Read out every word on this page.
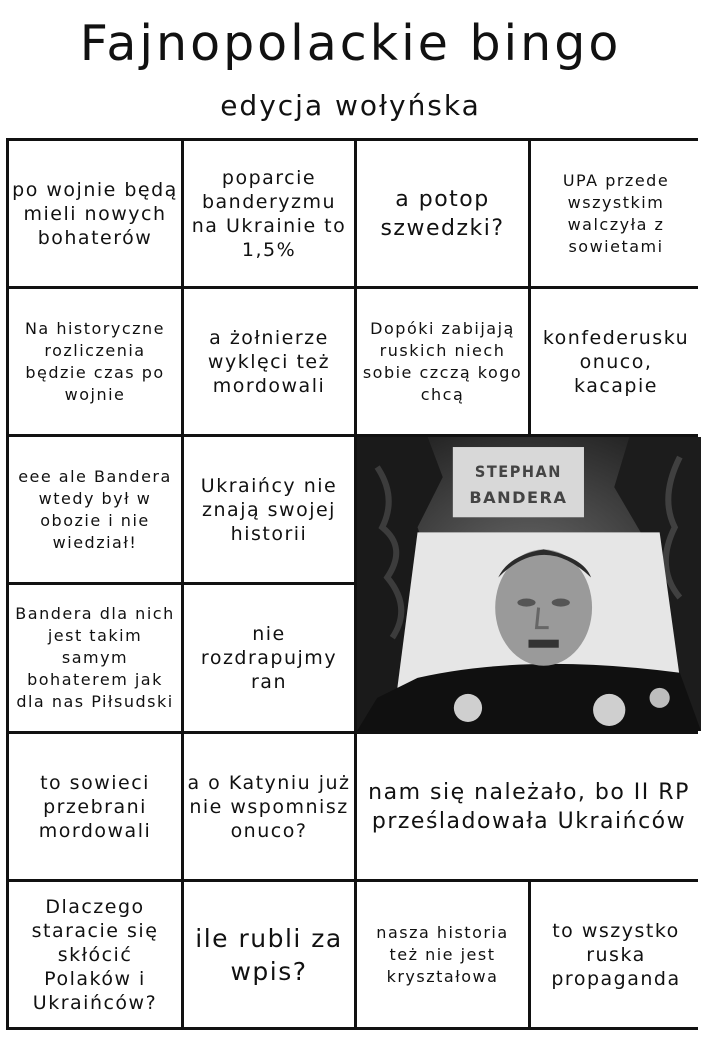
Fajnopolackie bingo
edycja wołyńska
po wojnie będą mieli nowych bohaterów
poparcie banderyzmu na Ukrainie to 1,5%
a potop szwedzki?
UPA przede wszystkim walczyła z sowietami
Na historyczne rozliczenia będzie czas po wojnie
a żołnierze wyklęci też mordowali
Dopóki zabijają ruskich niech sobie czczą kogo chcą
konfederusku onuco, kacapie
eee ale Bandera wtedy był w obozie i nie wiedział!
Ukraińcy nie znają swojej historii
STEPHAN
BANDERA
Bandera dla nich jest takim samym bohaterem jak dla nas Piłsudski
nie rozdrapujmy ran
to sowieci przebrani mordowali
a o Katyniu już nie wspomnisz onuco?
nam się należało, bo II RP prześladowała Ukraińców
Dlaczego staracie się skłócić Polaków i Ukraińców?
ile rubli za wpis?
nasza historia też nie jest kryształowa
to wszystko ruska propaganda
